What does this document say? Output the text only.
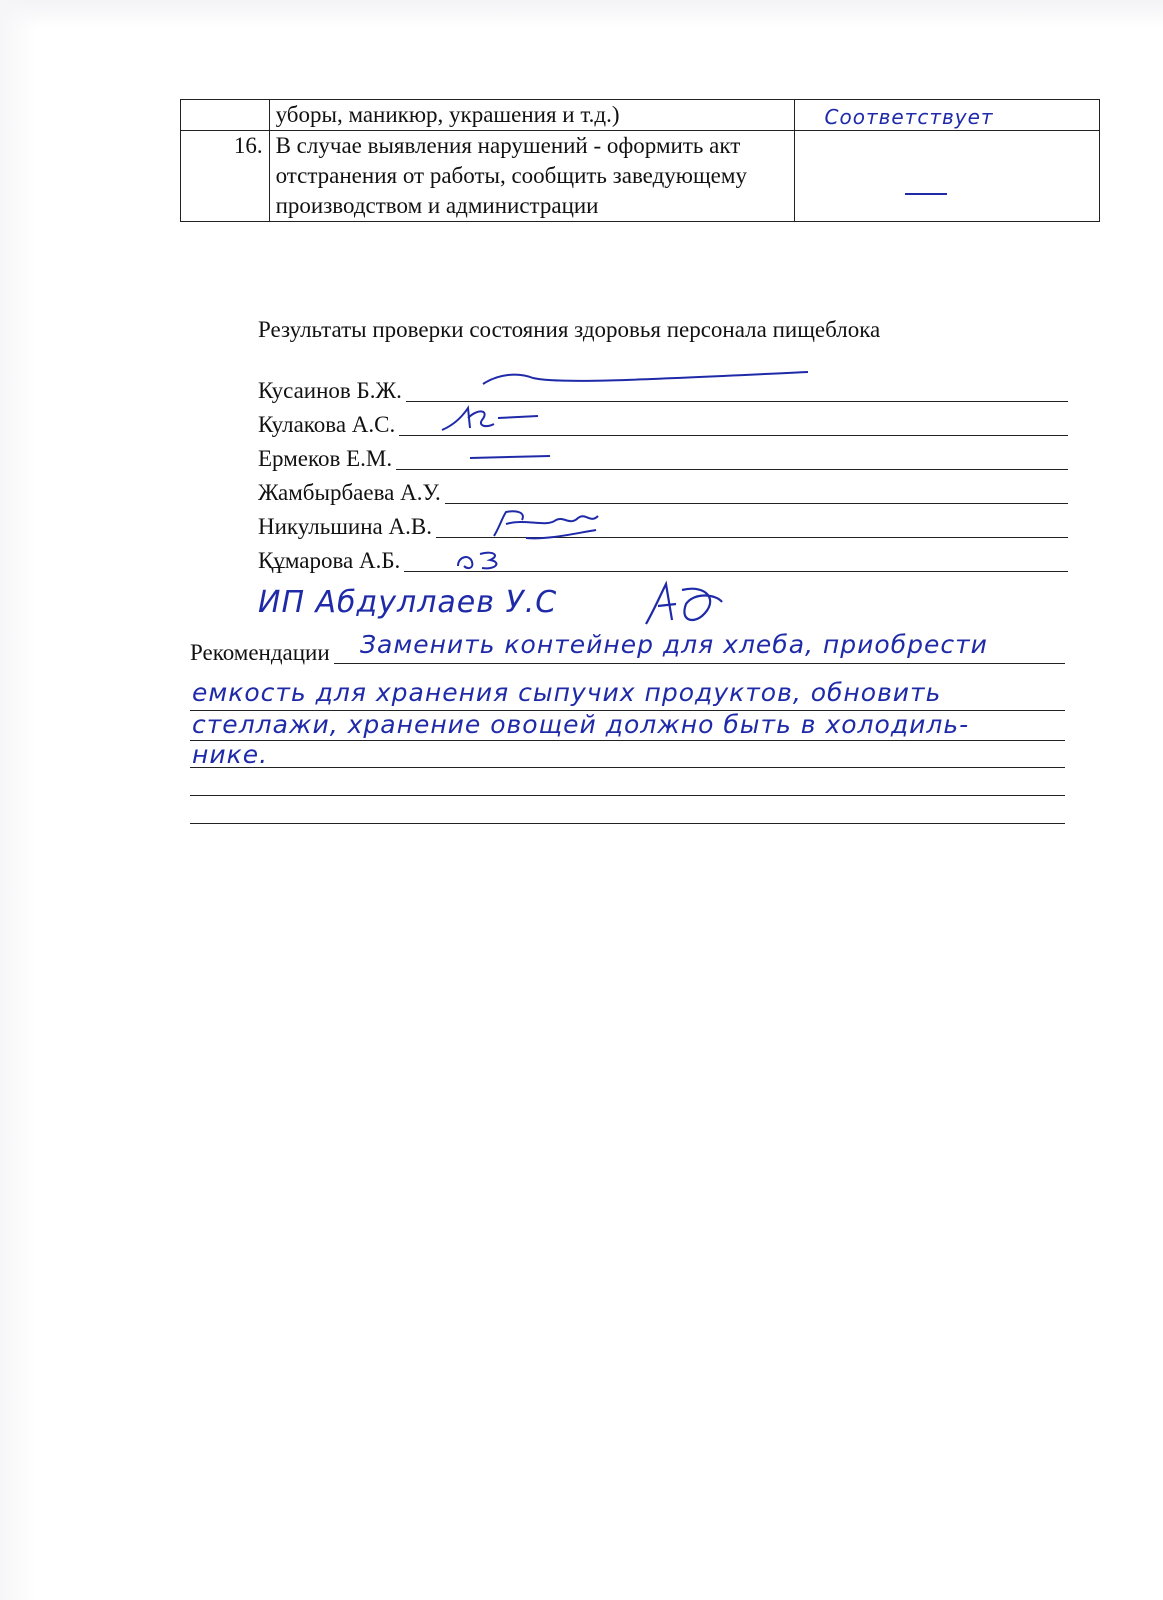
	уборы, маникюр, украшения и т.д.)	Соответствует

16.	В случае выявления нарушений - оформить акт отстранения от работы, сообщить заведующему производством и администрации	
Результаты проверки состояния здоровья персонала пищеблока
Кусаинов Б.Ж.
Кулакова А.С.
Ермеков Е.М.
Жамбырбаева А.У.
Никульшина А.В.
Құмарова А.Б.
ИП Абдуллаев У.С
Рекомендации Заменить контейнер для хлеба, приобрести
емкость для хранения сыпучих продуктов, обновить
стеллажи, хранение овощей должно быть в холодиль-
нике.
